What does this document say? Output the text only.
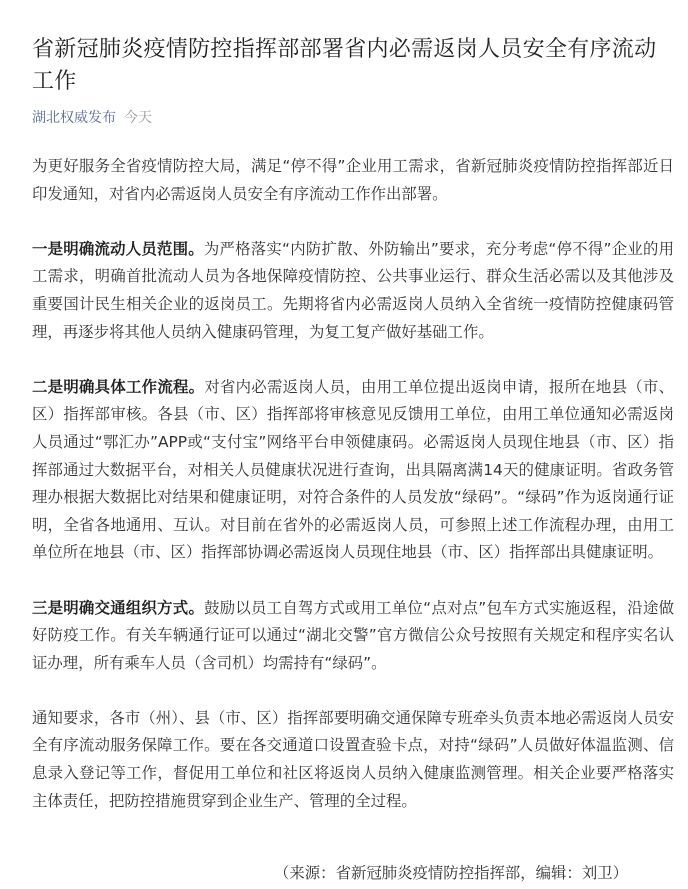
省新冠肺炎疫情防控指挥部部署省内必需返岗人员安全有序流动工作
湖北权威发布 今天

为更好服务全省疫情防控大局，满足“停不得”企业用工需求，省新冠肺炎疫情防控指挥部近日印发通知，对省内必需返岗人员安全有序流动工作作出部署。

一是明确流动人员范围。为严格落实“内防扩散、外防输出”要求，充分考虑“停不得”企业的用工需求，明确首批流动人员为各地保障疫情防控、公共事业运行、群众生活必需以及其他涉及重要国计民生相关企业的返岗员工。先期将省内必需返岗人员纳入全省统一疫情防控健康码管理，再逐步将其他人员纳入健康码管理，为复工复产做好基础工作。

二是明确具体工作流程。对省内必需返岗人员，由用工单位提出返岗申请，报所在地县（市、区）指挥部审核。各县（市、区）指挥部将审核意见反馈用工单位，由用工单位通知必需返岗人员通过“鄂汇办”APP或“支付宝”网络平台申领健康码。必需返岗人员现住地县（市、区）指挥部通过大数据平台，对相关人员健康状况进行查询，出具隔离满14天的健康证明。省政务管理办根据大数据比对结果和健康证明，对符合条件的人员发放“绿码”。“绿码”作为返岗通行证明，全省各地通用、互认。对目前在省外的必需返岗人员，可参照上述工作流程办理，由用工单位所在地县（市、区）指挥部协调必需返岗人员现住地县（市、区）指挥部出具健康证明。

三是明确交通组织方式。鼓励以员工自驾方式或用工单位“点对点”包车方式实施返程，沿途做好防疫工作。有关车辆通行证可以通过“湖北交警”官方微信公众号按照有关规定和程序实名认证办理，所有乘车人员（含司机）均需持有“绿码”。

通知要求，各市（州）、县（市、区）指挥部要明确交通保障专班牵头负责本地必需返岗人员安全有序流动服务保障工作。要在各交通道口设置查验卡点，对持“绿码”人员做好体温监测、信息录入登记等工作，督促用工单位和社区将返岗人员纳入健康监测管理。相关企业要严格落实主体责任，把防控措施贯穿到企业生产、管理的全过程。

（来源：省新冠肺炎疫情防控指挥部，编辑：刘卫）
